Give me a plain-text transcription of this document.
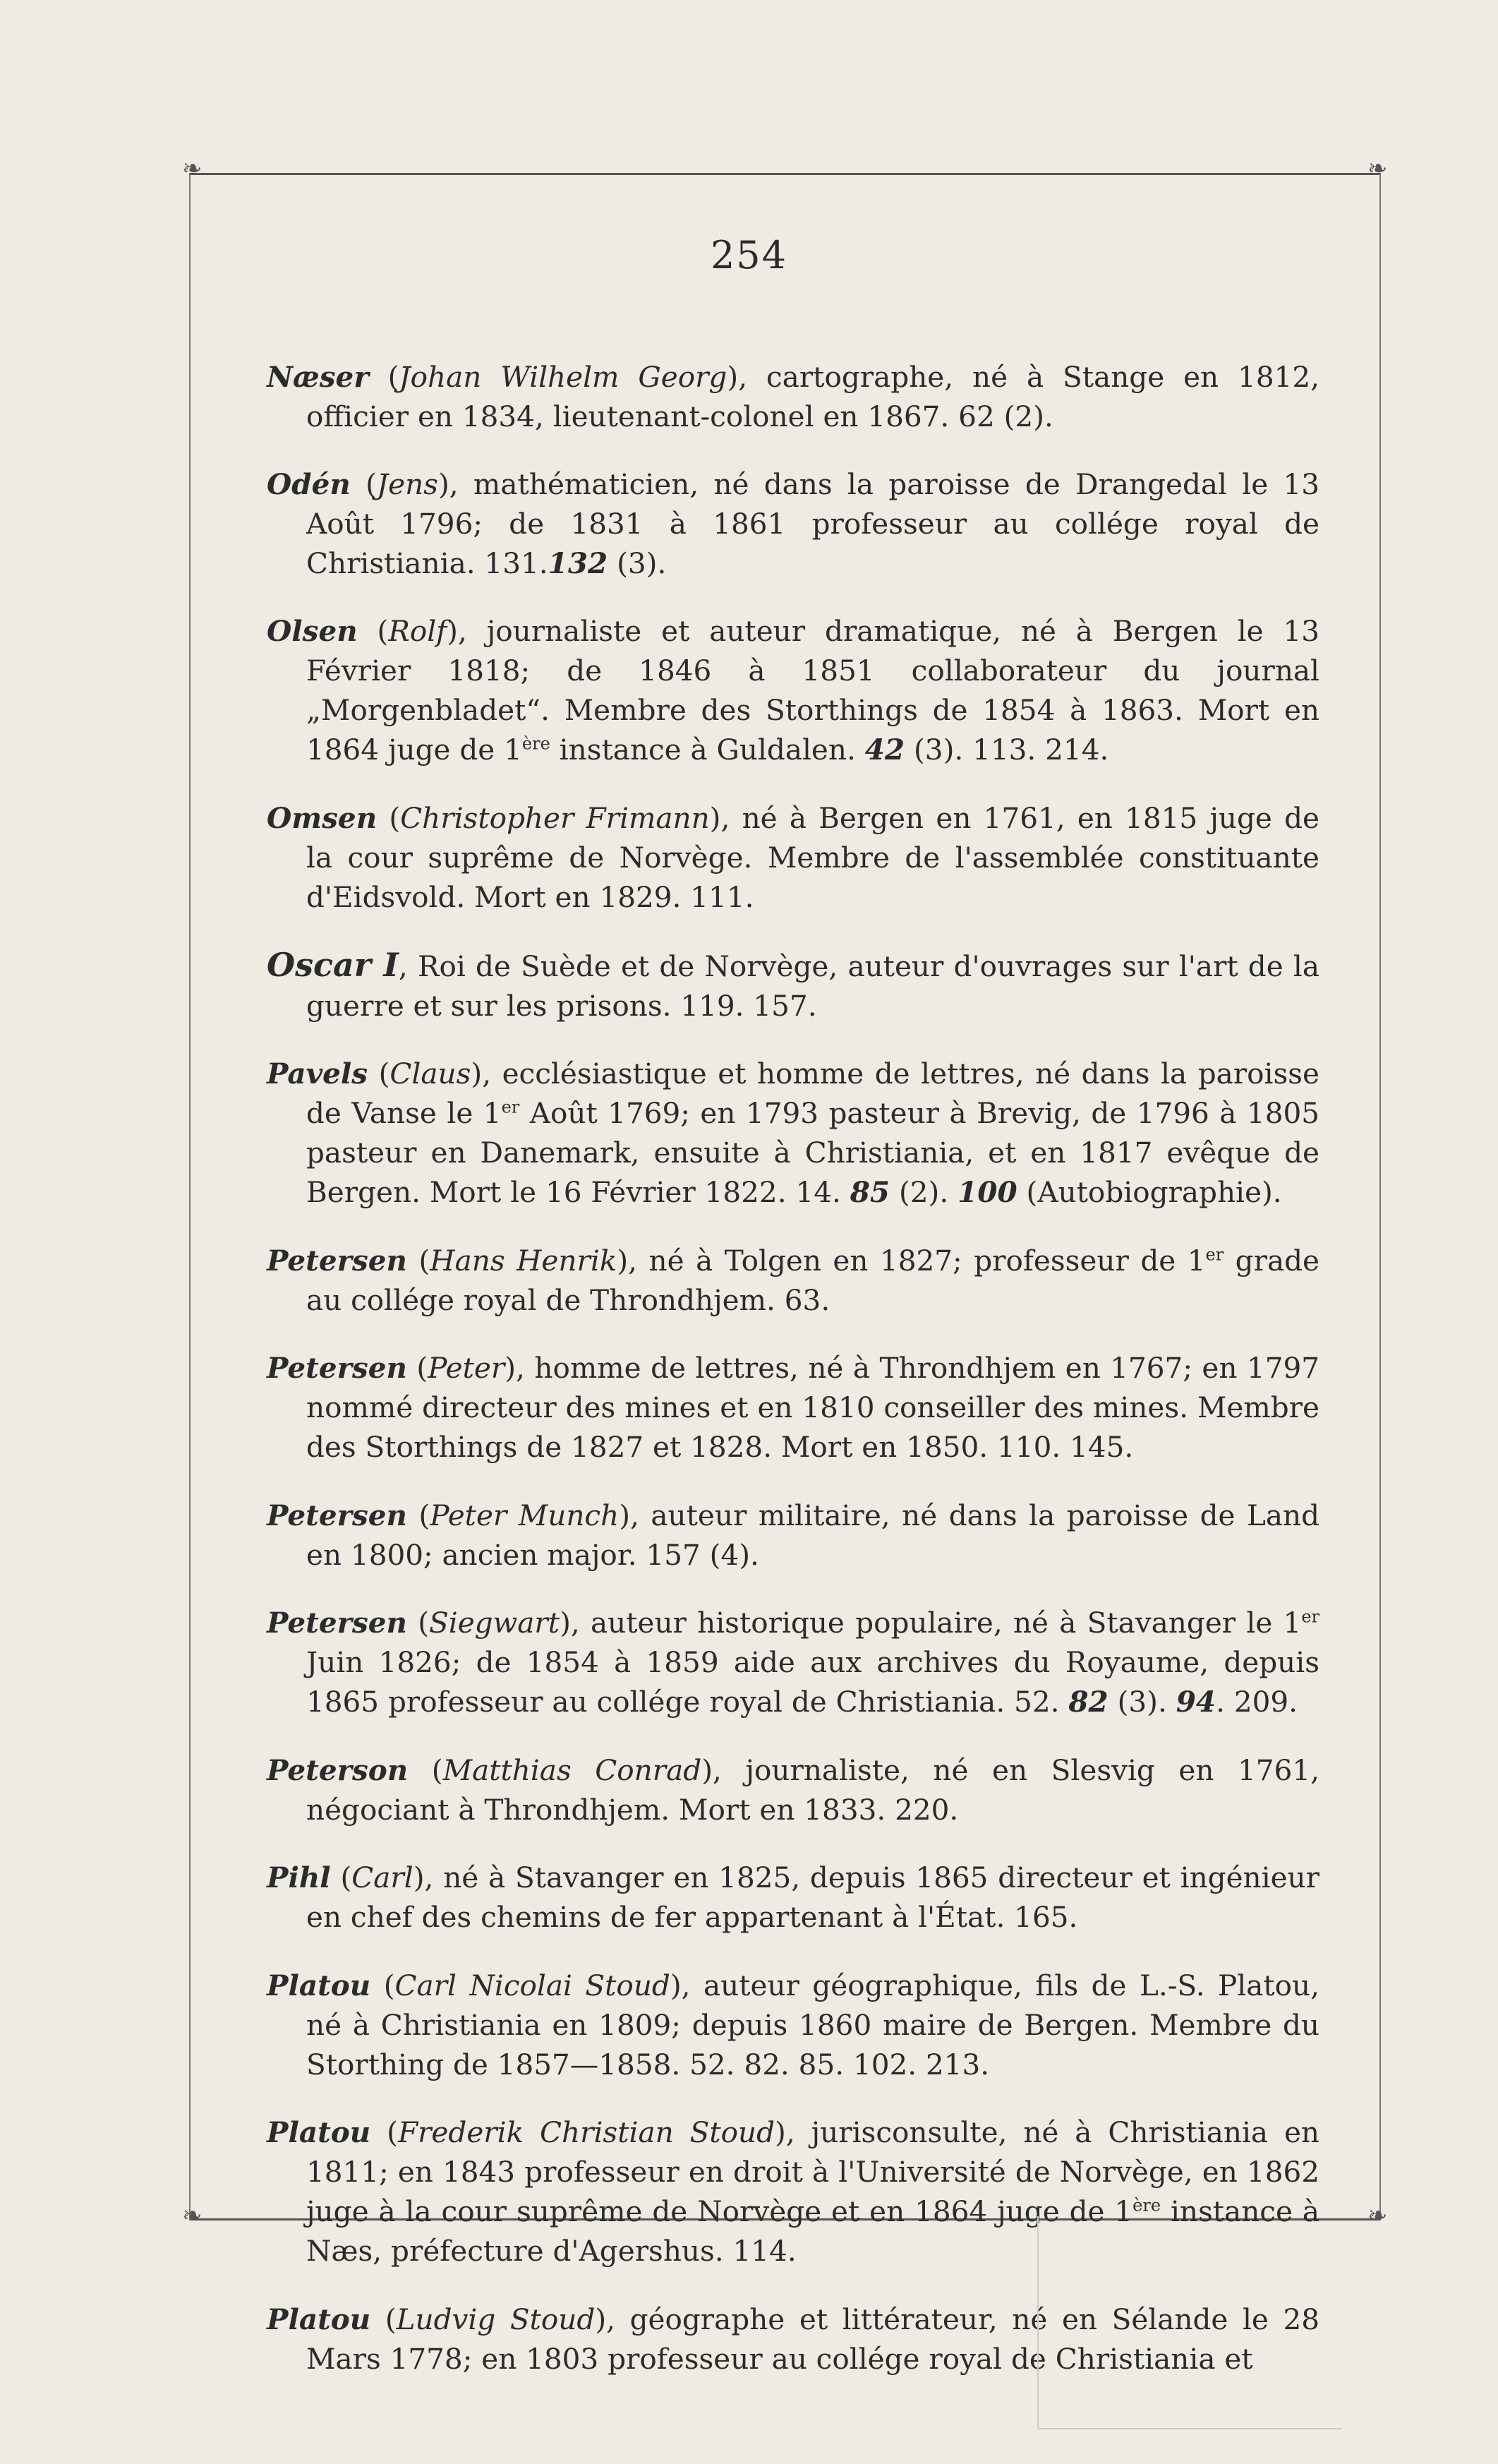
❧	❧
❧	❧
254

Næser (Johan Wilhelm Georg), cartographe, né à Stange en 1812, officier en 1834, lieutenant-colonel en 1867. 62 (2).

Odén (Jens), mathématicien, né dans la paroisse de Drangedal le 13 Août 1796; de 1831 à 1861 professeur au collége royal de Christiania. 131.132 (3).

Olsen (Rolf), journaliste et auteur dramatique, né à Bergen le 13 Février 1818; de 1846 à 1851 collaborateur du journal „Morgenbladet“. Membre des Storthings de 1854 à 1863. Mort en 1864 juge de 1ère instance à Guldalen. 42 (3). 113. 214.

Omsen (Christopher Frimann), né à Bergen en 1761, en 1815 juge de la cour suprême de Norvège. Membre de l'assemblée constituante d'Eidsvold. Mort en 1829. 111.

Oscar I, Roi de Suède et de Norvège, auteur d'ouvrages sur l'art de la guerre et sur les prisons. 119. 157.

Pavels (Claus), ecclésiastique et homme de lettres, né dans la paroisse de Vanse le 1er Août 1769; en 1793 pasteur à Brevig, de 1796 à 1805 pasteur en Danemark, ensuite à Christiania, et en 1817 evêque de Bergen. Mort le 16 Février 1822. 14. 85 (2). 100 (Autobiographie).

Petersen (Hans Henrik), né à Tolgen en 1827; professeur de 1er grade au collége royal de Throndhjem. 63.

Petersen (Peter), homme de lettres, né à Throndhjem en 1767; en 1797 nommé directeur des mines et en 1810 conseiller des mines. Membre des Storthings de 1827 et 1828. Mort en 1850. 110. 145.

Petersen (Peter Munch), auteur militaire, né dans la paroisse de Land en 1800; ancien major. 157 (4).

Petersen (Siegwart), auteur historique populaire, né à Stavanger le 1er Juin 1826; de 1854 à 1859 aide aux archives du Royaume, depuis 1865 professeur au collége royal de Christiania. 52. 82 (3). 94. 209.

Peterson (Matthias Conrad), journaliste, né en Slesvig en 1761, négociant à Throndhjem. Mort en 1833. 220.

Pihl (Carl), né à Stavanger en 1825, depuis 1865 directeur et ingénieur en chef des chemins de fer appartenant à l'État. 165.

Platou (Carl Nicolai Stoud), auteur géographique, fils de L.-S. Platou, né à Christiania en 1809; depuis 1860 maire de Bergen. Membre du Storthing de 1857—1858. 52. 82. 85. 102. 213.

Platou (Frederik Christian Stoud), jurisconsulte, né à Christiania en 1811; en 1843 professeur en droit à l'Université de Norvège, en 1862 juge à la cour suprême de Norvège et en 1864 juge de 1ère instance à Næs, préfecture d'Agershus. 114.

Platou (Ludvig Stoud), géographe et littérateur, né en Sélande le 28 Mars 1778; en 1803 professeur au collége royal de Christiania et
